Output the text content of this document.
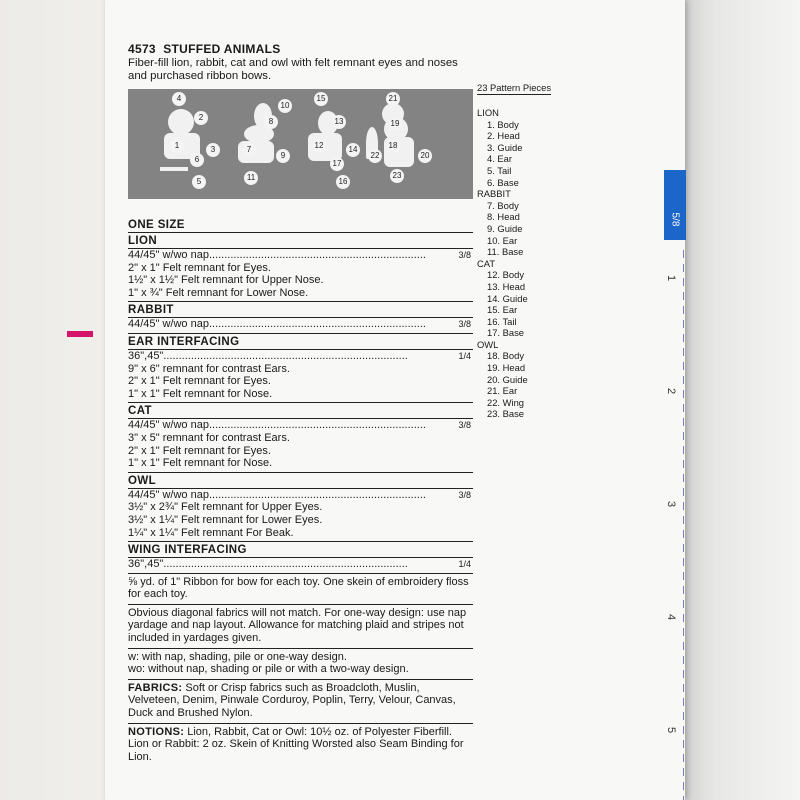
5/8
1
2
3
4
5
4573 STUFFED ANIMALS
Fiber-fill lion, rabbit, cat and owl with felt remnant eyes and noses and purchased ribbon bows.
4
2
1
6
3
5
10
8
7
9
11
15
13
12	14
17
16
21
19
18
22	20
23
ONE SIZE
LION
44/45" w/wo nap.......................................................................	3/8
2" x 1" Felt remnant for Eyes.
1½" x 1½" Felt remnant for Upper Nose.
1" x ¾" Felt remnant for Lower Nose.
RABBIT
44/45" w/wo nap.......................................................................	3/8
EAR INTERFACING
36",45"................................................................................	1/4
9" x 6" remnant for contrast Ears.
2" x 1" Felt remnant for Eyes.
1" x 1" Felt remnant for Nose.
CAT
44/45" w/wo nap.......................................................................	3/8
3" x 5" remnant for contrast Ears.
2" x 1" Felt remnant for Eyes.
1" x 1" Felt remnant for Nose.
OWL
44/45" w/wo nap.......................................................................	3/8
3½" x 2¾" Felt remnant for Upper Eyes.
3½" x 1¼" Felt remnant for Lower Eyes.
1¼" x 1¼" Felt remnant For Beak.
WING INTERFACING
36",45"................................................................................	1/4
⅝ yd. of 1" Ribbon for bow for each toy. One skein of embroidery floss for each toy.
Obvious diagonal fabrics will not match. For one-way design: use nap yardage and nap layout. Allowance for matching plaid and stripes not included in yardages given.
w: with nap, shading, pile or one-way design.
wo: without nap, shading or pile or with a two-way design.
FABRICS: Soft or Crisp fabrics such as Broadcloth, Muslin, Velveteen, Denim, Pinwale Corduroy, Poplin, Terry, Velour, Canvas, Duck and Brushed Nylon.
NOTIONS: Lion, Rabbit, Cat or Owl: 10½ oz. of Polyester Fiberfill. Lion or Rabbit: 2 oz. Skein of Knitting Worsted also Seam Binding for Lion.
23 Pattern Pieces
LION
1. Body
2. Head
3. Guide
4. Ear
5. Tail
6. Base
RABBIT
7. Body
8. Head
9. Guide
10. Ear
11. Base
CAT
12. Body
13. Head
14. Guide
15. Ear
16. Tail
17. Base
OWL
18. Body
19. Head
20. Guide
21. Ear
22. Wing
23. Base
